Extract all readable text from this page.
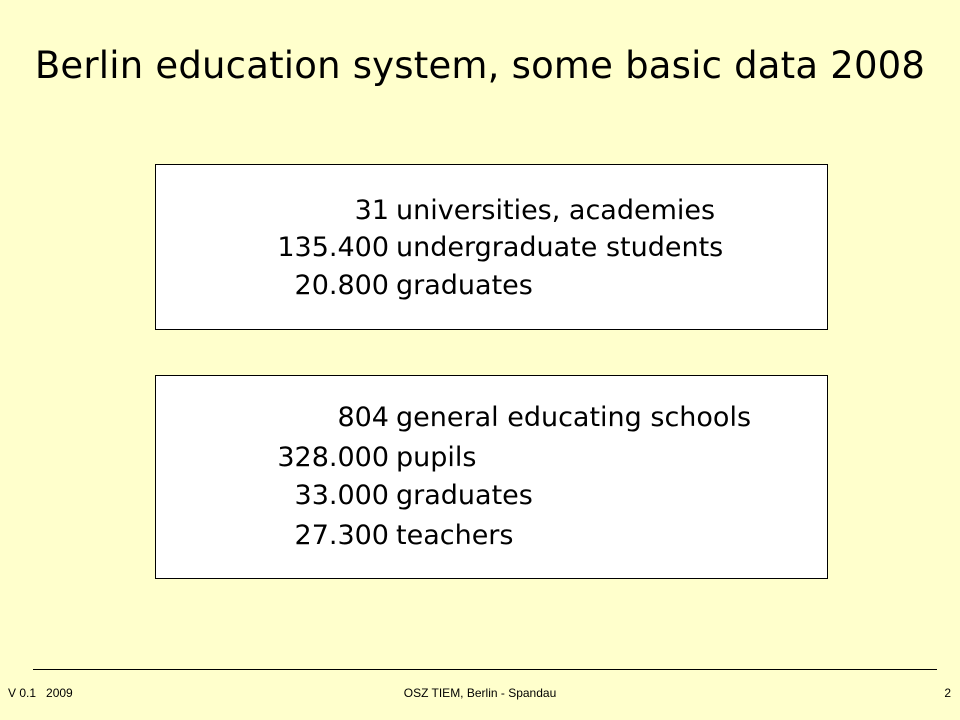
Berlin education system, some basic data 2008
31 universities, academies
135.400 undergraduate students
20.800 graduates
804 general educating schools
328.000 pupils
33.000 graduates
27.300 teachers
V 0.1   2009	OSZ TIEM, Berlin - Spandau	2
